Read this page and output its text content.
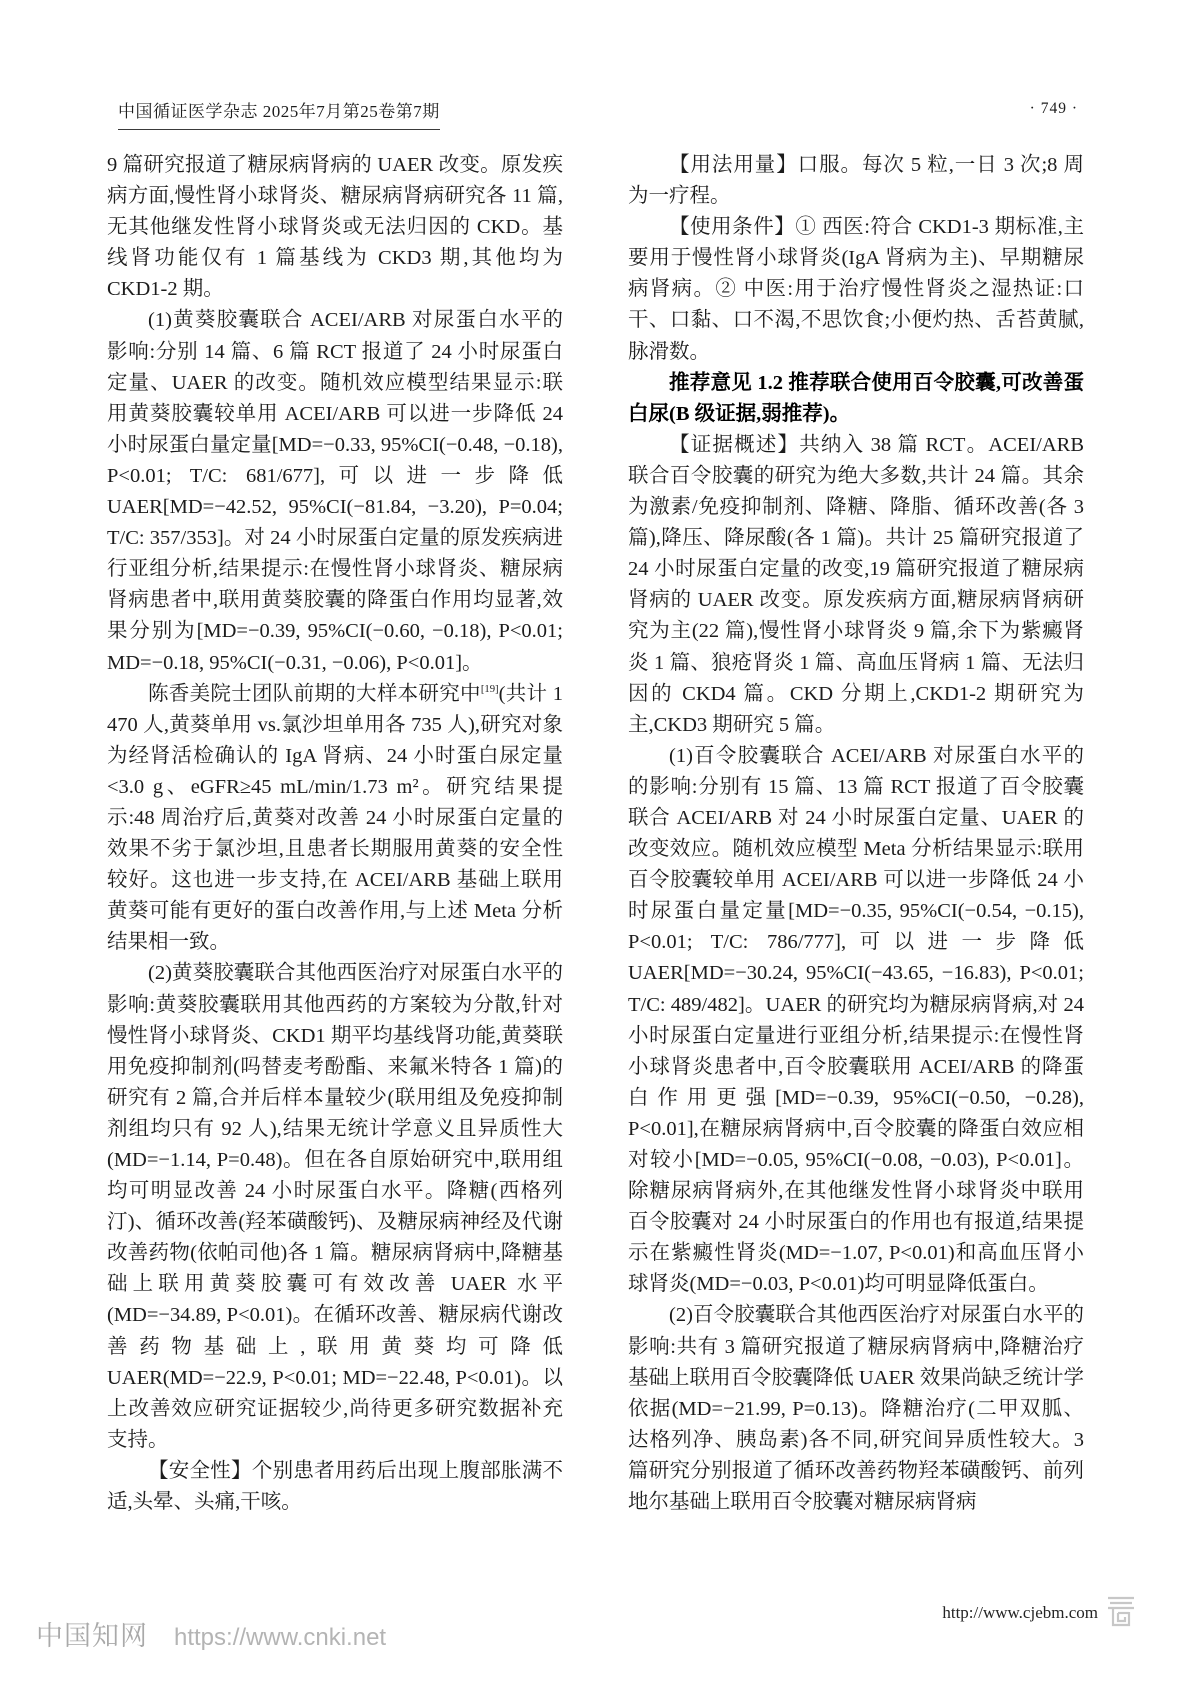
中国循证医学杂志 2025年7月第25卷第7期	· 749 ·

9 篇研究报道了糖尿病肾病的 UAER 改变。原发疾病方面,慢性肾小球肾炎、糖尿病肾病研究各 11 篇,无其他继发性肾小球肾炎或无法归因的 CKD。基线肾功能仅有 1 篇基线为 CKD3 期,其他均为 CKD1-2 期。

(1)黄葵胶囊联合 ACEI/ARB 对尿蛋白水平的影响:分别 14 篇、6 篇 RCT 报道了 24 小时尿蛋白定量、UAER 的改变。随机效应模型结果显示:联用黄葵胶囊较单用 ACEI/ARB 可以进一步降低 24 小时尿蛋白量定量[MD=−0.33, 95%CI(−0.48, −0.18), P<0.01; T/C: 681/677],可以进一步降低 UAER[MD=−42.52, 95%CI(−81.84, −3.20), P=0.04; T/C: 357/353]。对 24 小时尿蛋白定量的原发疾病进行亚组分析,结果提示:在慢性肾小球肾炎、糖尿病肾病患者中,联用黄葵胶囊的降蛋白作用均显著,效果分别为[MD=−0.39, 95%CI(−0.60, −0.18), P<0.01; MD=−0.18, 95%CI(−0.31, −0.06), P<0.01]。

陈香美院士团队前期的大样本研究中[19](共计 1 470 人,黄葵单用 vs.氯沙坦单用各 735 人),研究对象为经肾活检确认的 IgA 肾病、24 小时蛋白尿定量<3.0 g、eGFR≥45 mL/min/1.73 m²。研究结果提示:48 周治疗后,黄葵对改善 24 小时尿蛋白定量的效果不劣于氯沙坦,且患者长期服用黄葵的安全性较好。这也进一步支持,在 ACEI/ARB 基础上联用黄葵可能有更好的蛋白改善作用,与上述 Meta 分析结果相一致。

(2)黄葵胶囊联合其他西医治疗对尿蛋白水平的影响:黄葵胶囊联用其他西药的方案较为分散,针对慢性肾小球肾炎、CKD1 期平均基线肾功能,黄葵联用免疫抑制剂(吗替麦考酚酯、来氟米特各 1 篇)的研究有 2 篇,合并后样本量较少(联用组及免疫抑制剂组均只有 92 人),结果无统计学意义且异质性大(MD=−1.14, P=0.48)。但在各自原始研究中,联用组均可明显改善 24 小时尿蛋白水平。降糖(西格列汀)、循环改善(羟苯磺酸钙)、及糖尿病神经及代谢改善药物(依帕司他)各 1 篇。糖尿病肾病中,降糖基础上联用黄葵胶囊可有效改善 UAER 水平(MD=−34.89, P<0.01)。在循环改善、糖尿病代谢改善药物基础上,联用黄葵均可降低 UAER(MD=−22.9, P<0.01; MD=−22.48, P<0.01)。以上改善效应研究证据较少,尚待更多研究数据补充支持。

【安全性】个别患者用药后出现上腹部胀满不适,头晕、头痛,干咳。

【用法用量】口服。每次 5 粒,一日 3 次;8 周为一疗程。

【使用条件】① 西医:符合 CKD1-3 期标准,主要用于慢性肾小球肾炎(IgA 肾病为主)、早期糖尿病肾病。② 中医:用于治疗慢性肾炎之湿热证:口干、口黏、口不渴,不思饮食;小便灼热、舌苔黄腻,脉滑数。

推荐意见 1.2 推荐联合使用百令胶囊,可改善蛋白尿(B 级证据,弱推荐)。

【证据概述】共纳入 38 篇 RCT。ACEI/ARB 联合百令胶囊的研究为绝大多数,共计 24 篇。其余为激素/免疫抑制剂、降糖、降脂、循环改善(各 3 篇),降压、降尿酸(各 1 篇)。共计 25 篇研究报道了 24 小时尿蛋白定量的改变,19 篇研究报道了糖尿病肾病的 UAER 改变。原发疾病方面,糖尿病肾病研究为主(22 篇),慢性肾小球肾炎 9 篇,余下为紫癜肾炎 1 篇、狼疮肾炎 1 篇、高血压肾病 1 篇、无法归因的 CKD4 篇。CKD 分期上,CKD1-2 期研究为主,CKD3 期研究 5 篇。

(1)百令胶囊联合 ACEI/ARB 对尿蛋白水平的的影响:分别有 15 篇、13 篇 RCT 报道了百令胶囊联合 ACEI/ARB 对 24 小时尿蛋白定量、UAER 的改变效应。随机效应模型 Meta 分析结果显示:联用百令胶囊较单用 ACEI/ARB 可以进一步降低 24 小时尿蛋白量定量[MD=−0.35, 95%CI(−0.54, −0.15), P<0.01; T/C: 786/777],可以进一步降低 UAER[MD=−30.24, 95%CI(−43.65, −16.83), P<0.01; T/C: 489/482]。UAER 的研究均为糖尿病肾病,对 24 小时尿蛋白定量进行亚组分析,结果提示:在慢性肾小球肾炎患者中,百令胶囊联用 ACEI/ARB 的降蛋白作用更强[MD=−0.39, 95%CI(−0.50, −0.28), P<0.01],在糖尿病肾病中,百令胶囊的降蛋白效应相对较小[MD=−0.05, 95%CI(−0.08, −0.03), P<0.01]。除糖尿病肾病外,在其他继发性肾小球肾炎中联用百令胶囊对 24 小时尿蛋白的作用也有报道,结果提示在紫癜性肾炎(MD=−1.07, P<0.01)和高血压肾小球肾炎(MD=−0.03, P<0.01)均可明显降低蛋白。

(2)百令胶囊联合其他西医治疗对尿蛋白水平的影响:共有 3 篇研究报道了糖尿病肾病中,降糖治疗基础上联用百令胶囊降低 UAER 效果尚缺乏统计学依据(MD=−21.99, P=0.13)。降糖治疗(二甲双胍、达格列净、胰岛素)各不同,研究间异质性较大。3 篇研究分别报道了循环改善药物羟苯磺酸钙、前列地尔基础上联用百令胶囊对糖尿病肾病

中国知网 https://www.cnki.net
http://www.cjebm.com
